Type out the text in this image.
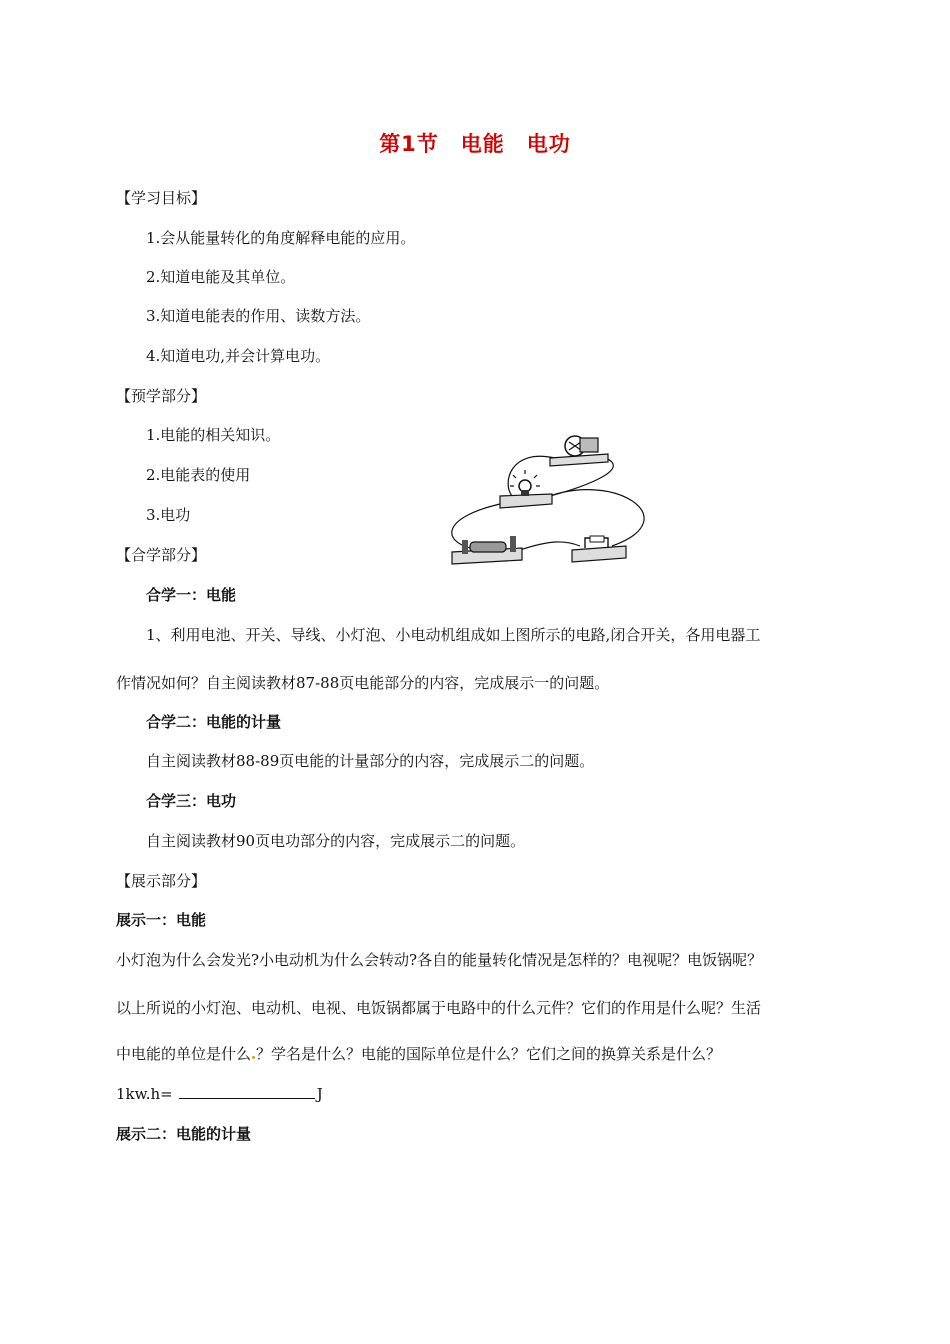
第1节　电能　电功
【学习目标】
1.会从能量转化的角度解释电能的应用。
2.知道电能及其单位。
3.知道电能表的作用、读数方法。
4.知道电功,并会计算电功。
【预学部分】
1.电能的相关知识。
2.电能表的使用
3.电功
【合学部分】
合学一：电能
1、利用电池、开关、导线、小灯泡、小电动机组成如上图所示的电路,闭合开关，各用电器工
作情况如何？自主阅读教材87-88页电能部分的内容，完成展示一的问题。
合学二：电能的计量
自主阅读教材88-89页电能的计量部分的内容，完成展示二的问题。
合学三：电功
自主阅读教材90页电功部分的内容，完成展示二的问题。
【展示部分】
展示一：电能
小灯泡为什么会发光?小电动机为什么会转动?各自的能量转化情况是怎样的？电视呢？电饭锅呢？
以上所说的小灯泡、电动机、电视、电饭锅都属于电路中的什么元件？它们的作用是什么呢？生活
中电能的单位是什么 ？学名是什么？电能的国际单位是什么？它们之间的换算关系是什么？
1kw.h=	J
展示二：电能的计量
